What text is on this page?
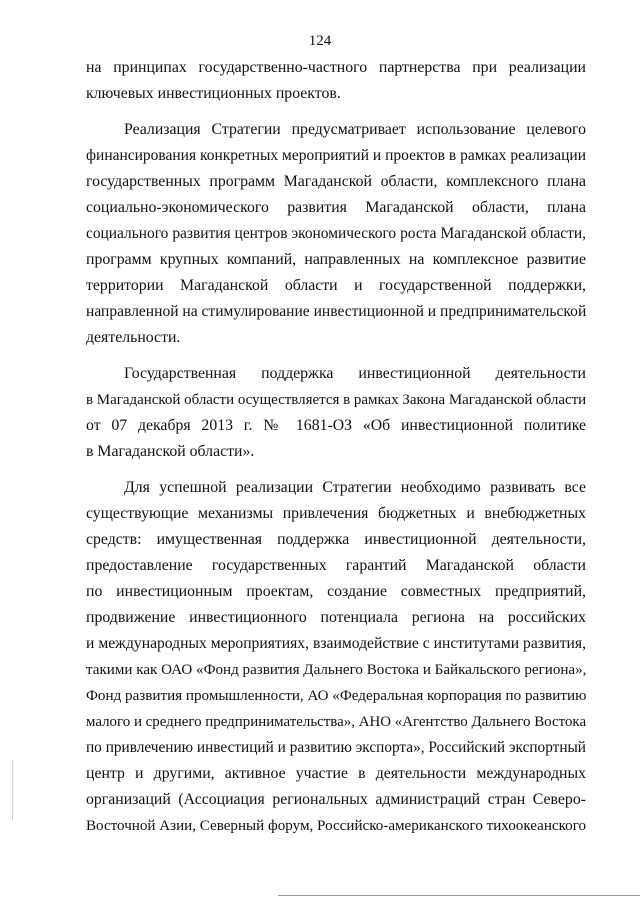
124
на принципах государственно-частного партнерства при реализации
ключевых инвестиционных проектов.
Реализация Стратегии предусматривает использование целевого
финансирования конкретных мероприятий и проектов в рамках реализации
государственных программ Магаданской области, комплексного плана
социально-экономического развития Магаданской области, плана
социального развития центров экономического роста Магаданской области,
программ крупных компаний, направленных на комплексное развитие
территории Магаданской области и государственной поддержки,
направленной на стимулирование инвестиционной и предпринимательской
деятельности.
Государственная поддержка инвестиционной деятельности
в Магаданской области осуществляется в рамках Закона Магаданской области
от 07 декабря 2013 г. № 1681-ОЗ «Об инвестиционной политике
в Магаданской области».
Для успешной реализации Стратегии необходимо развивать все
существующие механизмы привлечения бюджетных и внебюджетных
средств: имущественная поддержка инвестиционной деятельности,
предоставление государственных гарантий Магаданской области
по инвестиционным проектам, создание совместных предприятий,
продвижение инвестиционного потенциала региона на российских
и международных мероприятиях, взаимодействие с институтами развития,
такими как ОАО «Фонд развития Дальнего Востока и Байкальского региона»,
Фонд развития промышленности, АО «Федеральная корпорация по развитию
малого и среднего предпринимательства», АНО «Агентство Дальнего Востока
по привлечению инвестиций и развитию экспорта», Российский экспортный
центр и другими, активное участие в деятельности международных
организаций (Ассоциация региональных администраций стран Северо-
Восточной Азии, Северный форум, Российско-американского тихоокеанского
